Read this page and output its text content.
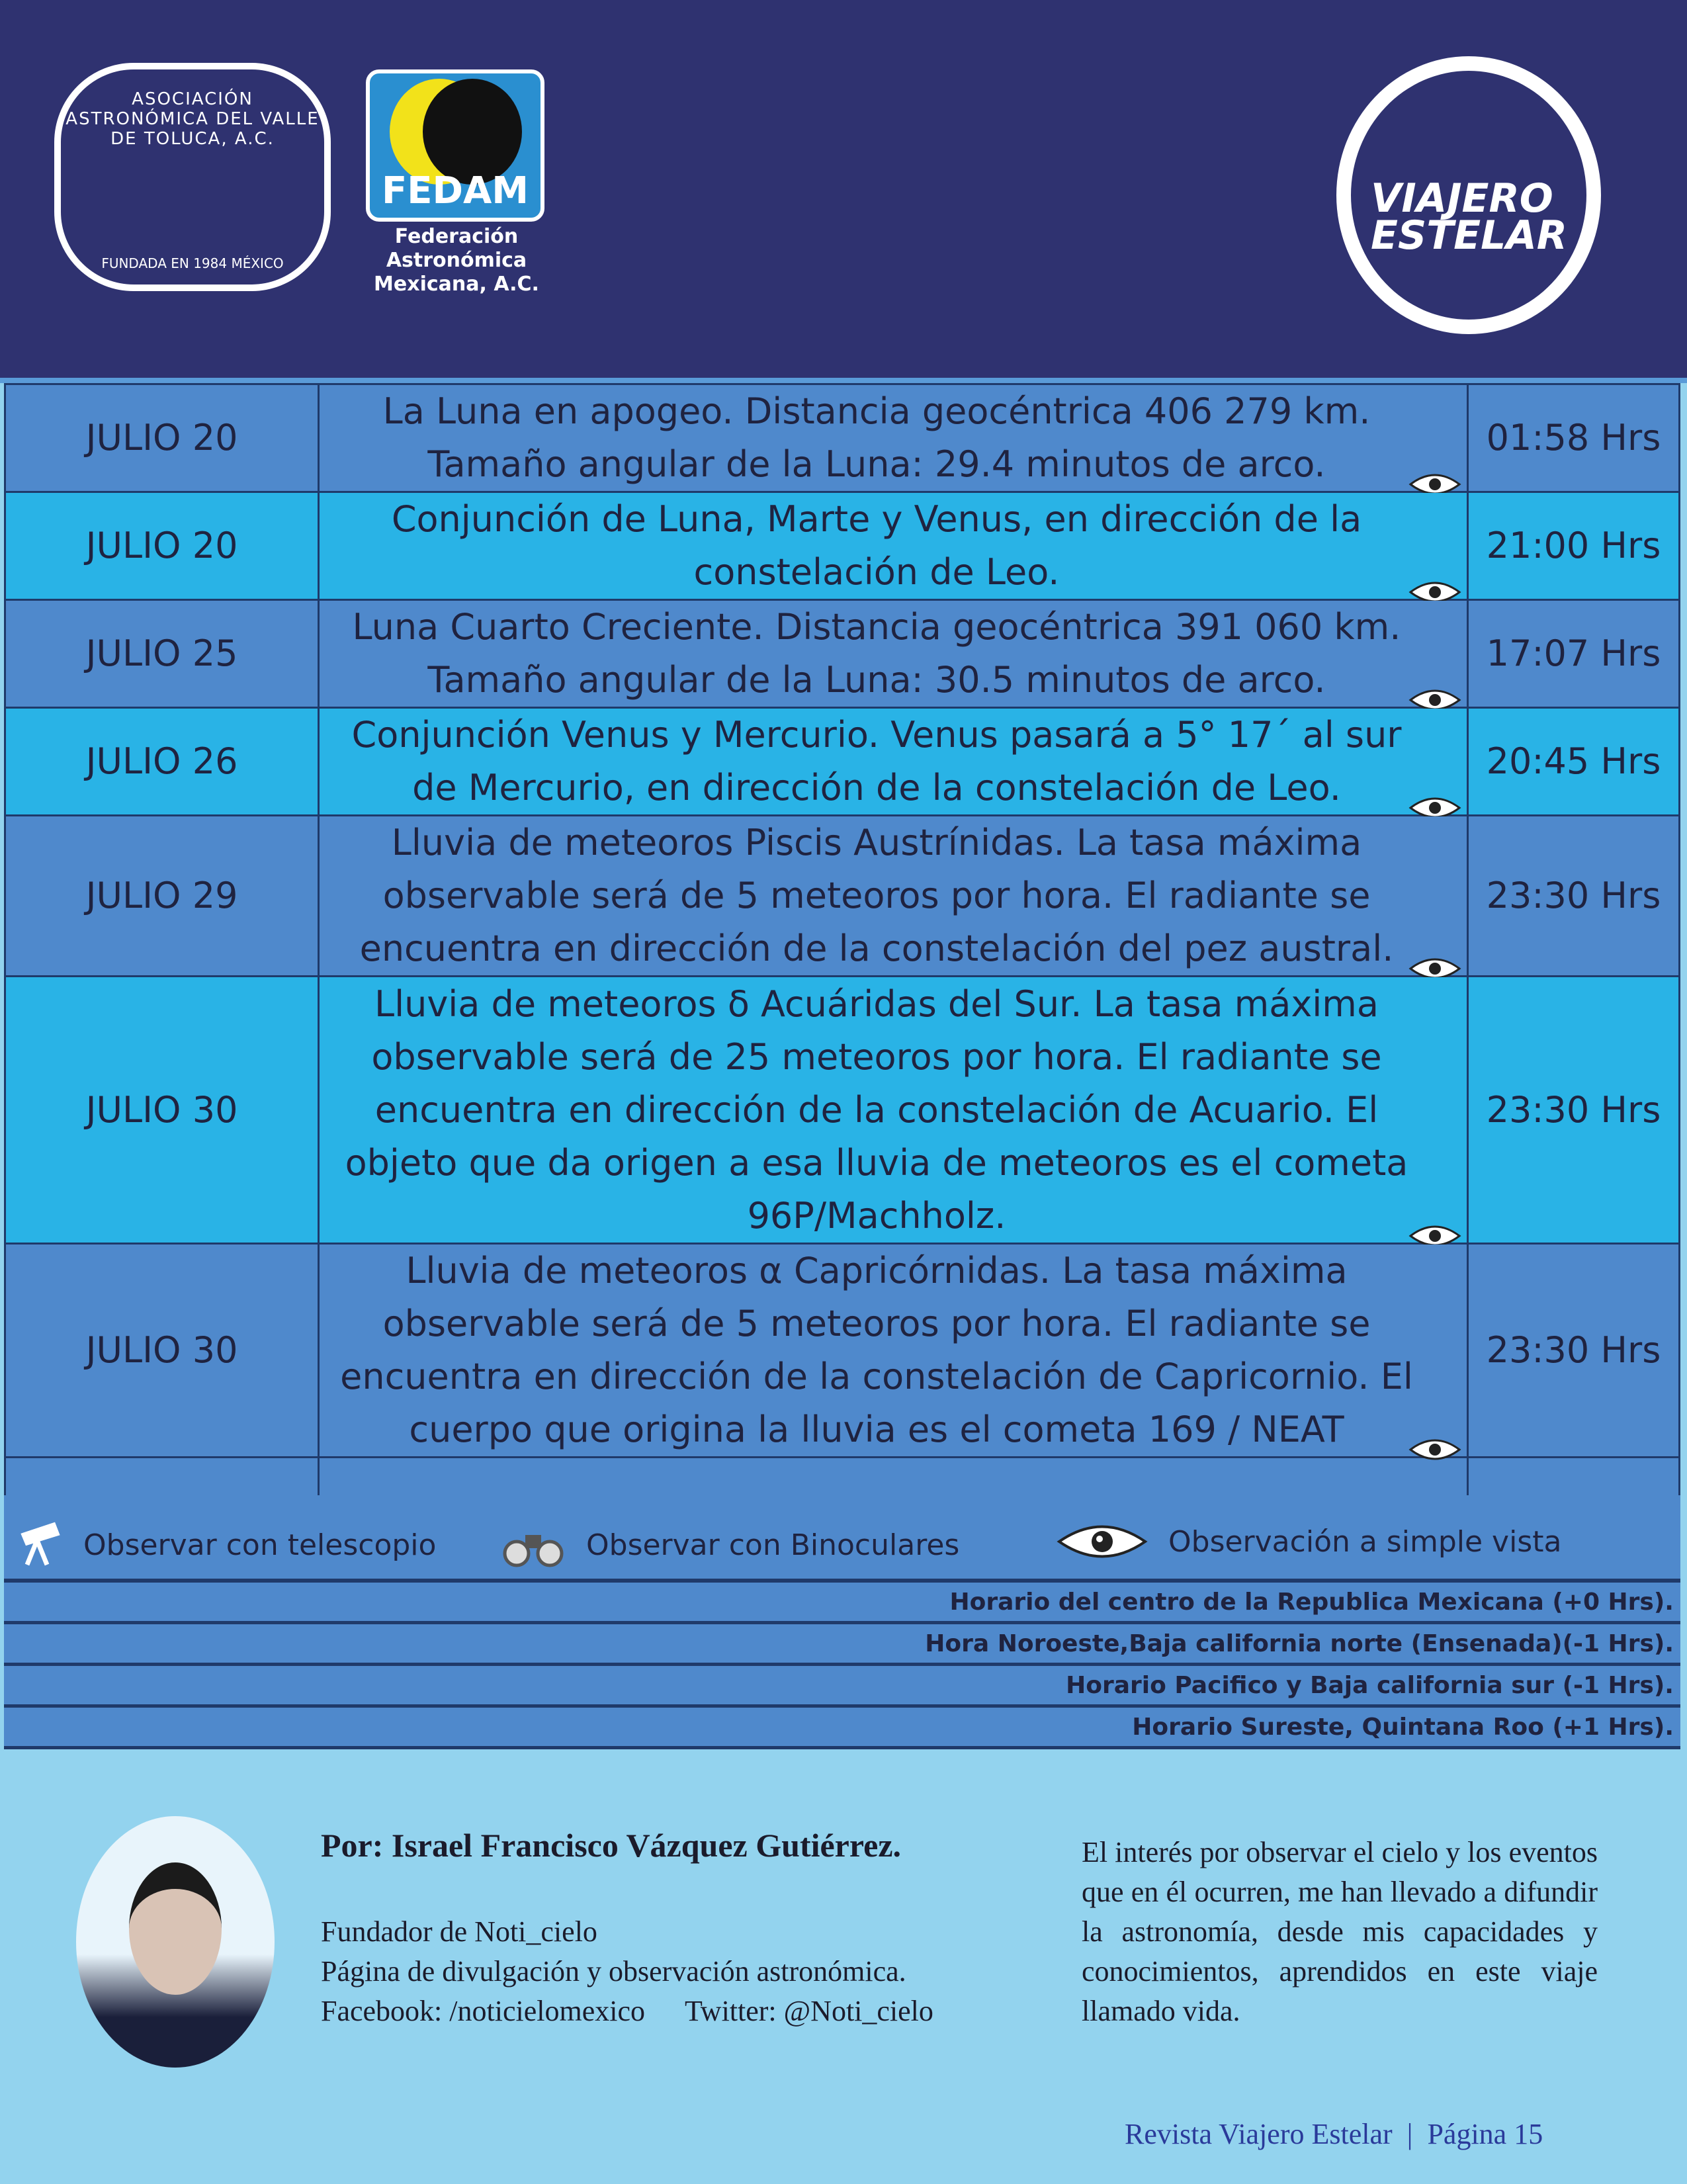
ASOCIACIÓN ASTRONÓMICA DEL VALLE DE TOLUCA, A.C.
FUNDADA EN 1984 MÉXICO
FEDAM
Federación
Astronómica
Mexicana, A.C.
VIAJERO
ESTELAR
JULIO 20	La Luna en apogeo. Distancia geocéntrica 406 279 km. Tamaño angular de la Luna: 29.4 minutos de arco.	01:58 Hrs
JULIO 20	Conjunción de Luna, Marte y Venus, en dirección de la constelación de Leo.	21:00 Hrs
JULIO 25	Luna Cuarto Creciente. Distancia geocéntrica 391 060 km. Tamaño angular de la Luna: 30.5 minutos de arco.	17:07 Hrs
JULIO 26	Conjunción Venus y Mercurio. Venus pasará a 5° 17´ al sur de Mercurio, en dirección de la constelación de Leo.	20:45 Hrs
JULIO 29	Lluvia de meteoros Piscis Austrínidas. La tasa máxima observable será de 5 meteoros por hora. El radiante se encuentra en dirección de la constelación del pez austral.	23:30 Hrs
JULIO 30	Lluvia de meteoros δ Acuáridas del Sur. La tasa máxima observable será de 25 meteoros por hora. El radiante se encuentra en dirección de la constelación de Acuario. El objeto que da origen a esa lluvia de meteoros es el cometa 96P/Machholz.	23:30 Hrs
JULIO 30	Lluvia de meteoros α Capricórnidas. La tasa máxima observable será de 5 meteoros por hora. El radiante se encuentra en dirección de la constelación de Capricornio. El cuerpo que origina la lluvia es el cometa 169 / NEAT	23:30 Hrs

Observar con telescopio	Observar con Binoculares	Observación a simple vista
Horario del centro de la Republica Mexicana (+0 Hrs).
Hora Noroeste,Baja california norte (Ensenada)(-1 Hrs).
Horario Pacifico y Baja california sur (-1 Hrs).
Horario Sureste, Quintana Roo (+1 Hrs).
Por: Israel Francisco Vázquez Gutiérrez.
Fundador de Noti_cielo
Página de divulgación y observación astronómica.
Facebook: /noticielomexico Twitter: @Noti_cielo
El interés por observar el cielo y los eventos que en él ocurren, me han llevado a difundir la astronomía, desde mis capacidades y conocimientos, aprendidos en este viaje llamado vida.
Revista Viajero Estelar  |  Página 15
